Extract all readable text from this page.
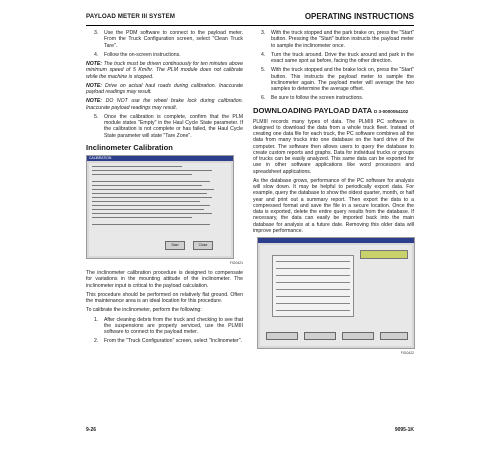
PAYLOAD METER III SYSTEM	OPERATING INSTRUCTIONS
3.	Use the PDM software to connect to the payload meter. From the Truck Configuration screen, select "Clean Truck Tare".
4.	Follow the on-screen instructions.

NOTE: The truck must be driven continuously for ten minutes above minimum speed of 5 Km/hr. The PLM module does not calibrate while the machine is stopped.

NOTE: Drive on actual haul roads during calibration. Inaccurate payload readings may result.

NOTE: DO NOT use the wheel brake lock during calibration. Inaccurate payload readings may result.

5.	Once the calibration is complete, confirm that the PLM module states "Empty" in the Haul Cycle State parameter. If the calibration is not complete or has failed, the Haul Cycle State parameter will state "Tare Zone".
Inclinometer Calibration
CALIBRATION
Start	Close
FIG0421

The inclinometer calibration procedure is designed to compensate for variations in the mounting attitude of the inclinometer. The inclinometer input is critical to the payload calculation.

This procedure should be performed on relatively flat ground. Often the maintenance area is an ideal location for this procedure.

To calibrate the inclinometer, perform the following:

1.	After cleaning debris from the truck and checking to see that the suspensions are properly serviced, use the PLMIII software to connect to the payload meter.
2.	From the "Truck Configuration" screen, select "Inclinometer".
3.	With the truck stopped and the park brake on, press the "Start" button. Pressing the "Start" button instructs the payload meter to sample the inclinometer once.
4.	Turn the truck around. Drive the truck around and park in the exact same spot as before, facing the other direction.
5.	With the truck stopped and the brake lock on, press the "Start" button. This instructs the payload meter to sample the inclinometer again. The payload meter will average the two samples to determine the average offset.
6.	Be sure to follow the screen instructions.
DOWNLOADING PAYLOAD DATA D 3-0000054102

PLMIII records many types of data. The PLMIII PC software is designed to download the data from a whole truck fleet. Instead of creating one data file for each truck, the PC software combines all the data from many trucks into one database on the hard drive of the computer. The software then allows users to query the database to create custom reports and graphs. Data for individual trucks or groups of trucks can be easily analyzed. This same data can be exported for use in other software applications like word processors and spreadsheet applications.

As the database grows, performance of the PC software for analysis will slow down. It may be helpful to periodically export data. For example, query the database to show the oldest quarter, month, or half year and print out a summary report. Then export the data to a compressed format and save the file in a secure location. Once the data is exported, delete the entire query results from the database. If necessary, the data can easily be imported back into the main database for analysis at a future date. Removing this older data will improve performance.

FIG0422
9-26	9095-1K
